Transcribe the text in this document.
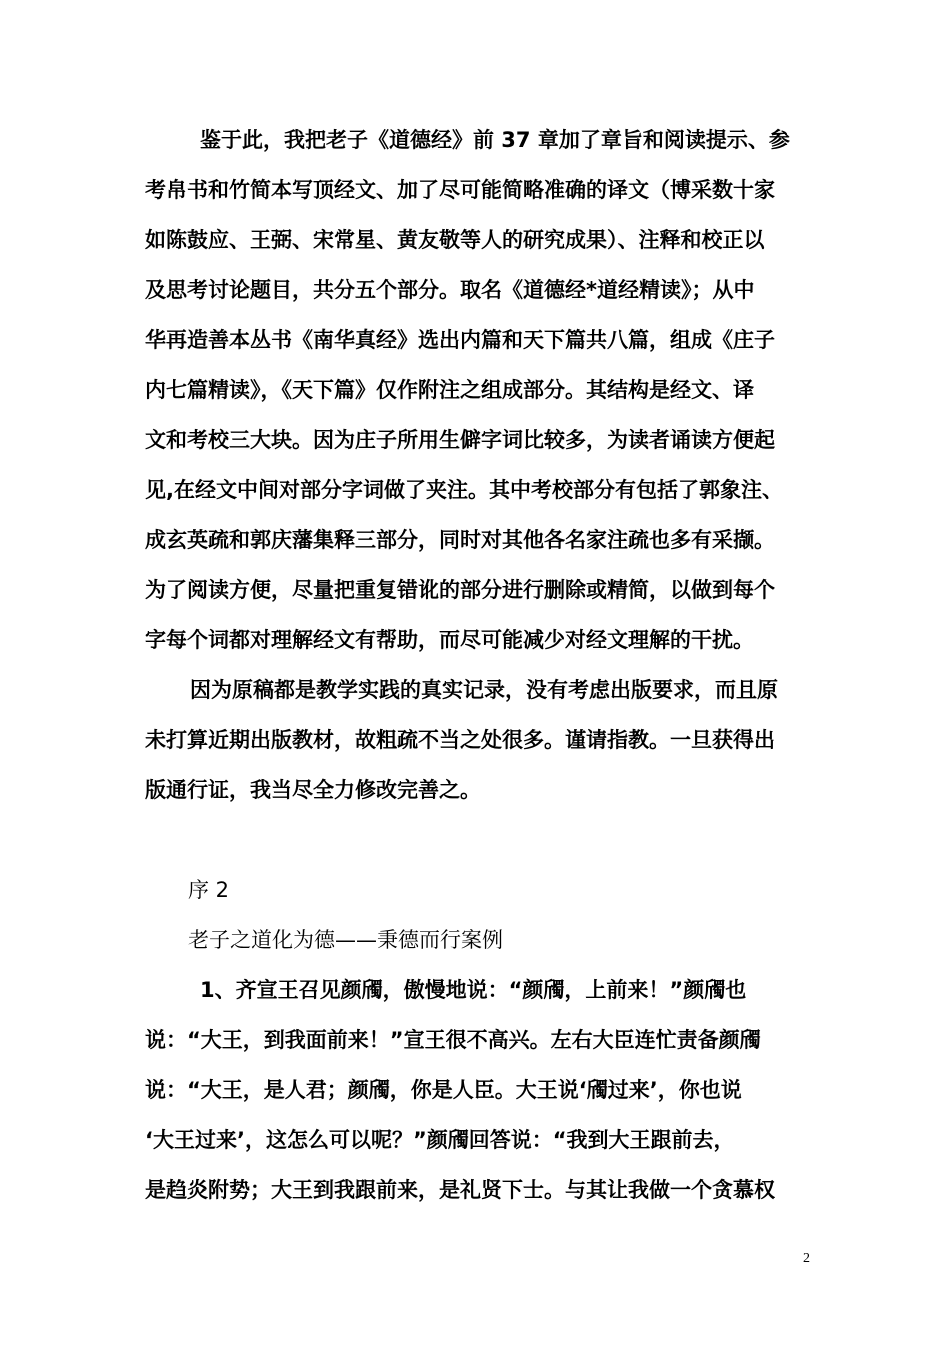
鉴于此，我把老子《道德经》前 37 章加了章旨和阅读提示、参
考帛书和竹简本写顶经文、加了尽可能简略准确的译文（博采数十家
如陈鼓应、王弼、宋常星、黄友敬等人的研究成果）、注释和校正以
及思考讨论题目，共分五个部分。取名《道德经*道经精读》；从中
华再造善本丛书《南华真经》选出内篇和天下篇共八篇，组成《庄子
内七篇精读》，《天下篇》仅作附注之组成部分。其结构是经文、译
文和考校三大块。因为庄子所用生僻字词比较多，为读者诵读方便起
见,在经文中间对部分字词做了夹注。其中考校部分有包括了郭象注、
成玄英疏和郭庆藩集释三部分，同时对其他各名家注疏也多有采撷。
为了阅读方便，尽量把重复错讹的部分进行删除或精简，以做到每个
字每个词都对理解经文有帮助，而尽可能减少对经文理解的干扰。
因为原稿都是教学实践的真实记录，没有考虑出版要求，而且原
未打算近期出版教材，故粗疏不当之处很多。谨请指教。一旦获得出
版通行证，我当尽全力修改完善之。
序 2
老子之道化为德——秉德而行案例
1、齐宣王召见颜斶，傲慢地说：“颜斶，上前来！”颜斶也
说：“大王，到我面前来！”宣王很不高兴。左右大臣连忙责备颜斶
说：“大王，是人君；颜斶，你是人臣。大王说‘斶过来’，你也说
‘大王过来’，这怎么可以呢？”颜斶回答说：“我到大王跟前去，
是趋炎附势；大王到我跟前来，是礼贤下士。与其让我做一个贪慕权
2
